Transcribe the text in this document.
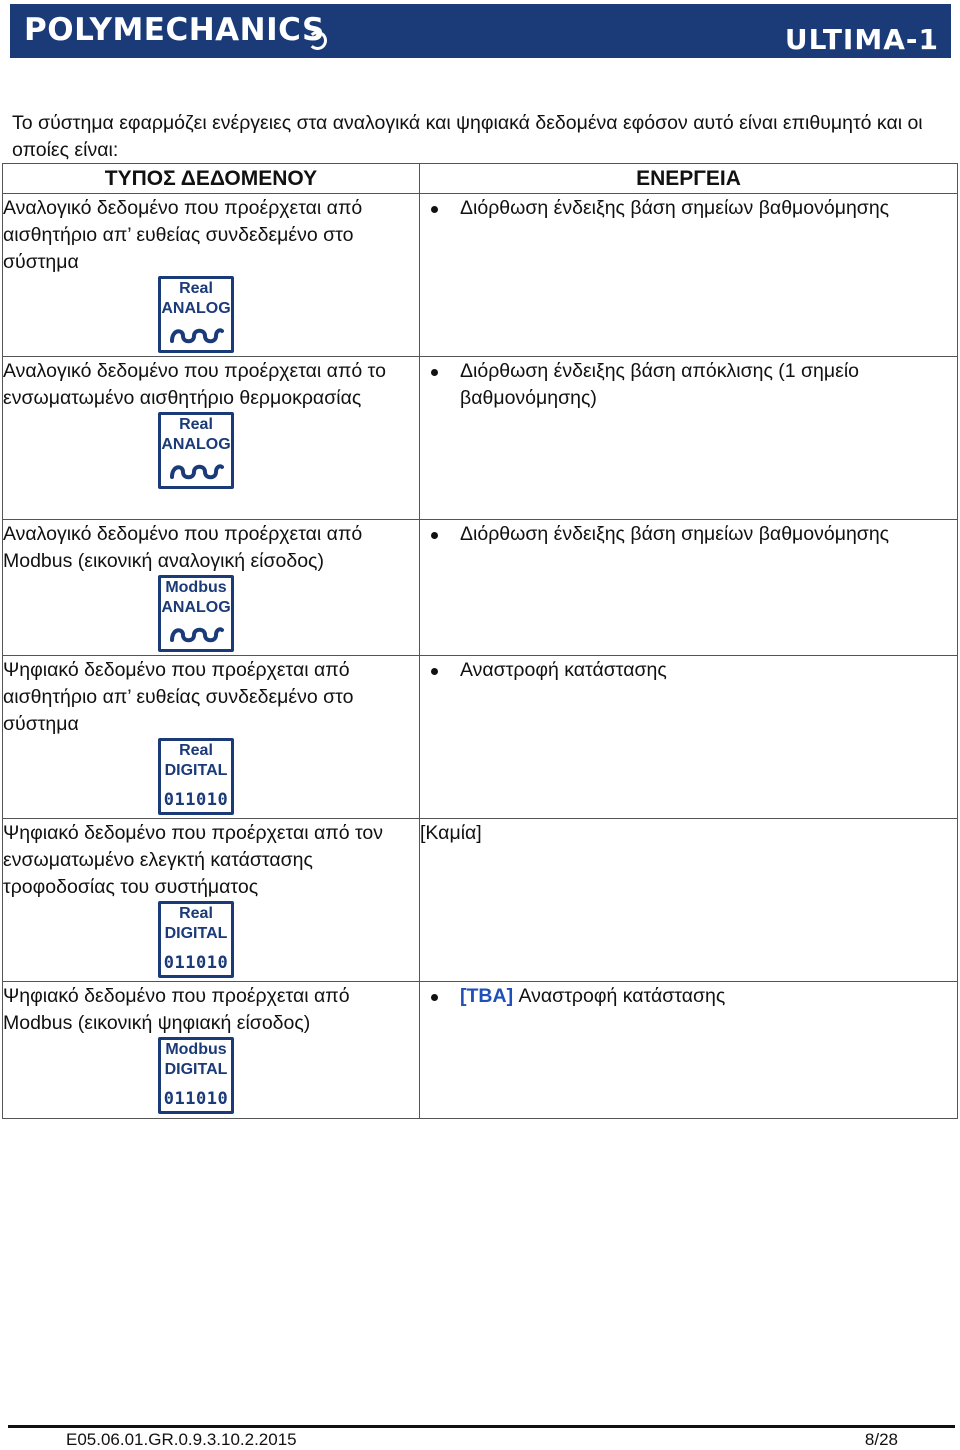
POLYMECHANICS	ULTIMA-1
Το σύστημα εφαρμόζει ενέργειες στα αναλογικά και ψηφιακά δεδομένα εφόσον αυτό είναι επιθυμητό και οι οποίες είναι:
ΤΥΠΟΣ ΔΕΔΟΜΕΝΟΥ	ΕΝΕΡΓΕΙΑ

Αναλογικό δεδομένο που προέρχεται από αισθητήριο απ’ ευθείας συνδεδεμένο στο σύστημα
Real
ANALOG	Διόρθωση ένδειξης βάση σημείων βαθμονόμησης

Αναλογικό δεδομένο που προέρχεται από το ενσωματωμένο αισθητήριο θερμοκρασίας
Real
ANALOG	Διόρθωση ένδειξης βάση απόκλισης (1 σημείο βαθμονόμησης)

Αναλογικό δεδομένο που προέρχεται από Modbus (εικονική αναλογική είσοδος)
Modbus
ANALOG	Διόρθωση ένδειξης βάση σημείων βαθμονόμησης

Ψηφιακό δεδομένο που προέρχεται από αισθητήριο απ’ ευθείας συνδεδεμένο στο σύστημα
Real
DIGITAL
011010	Αναστροφή κατάστασης

Ψηφιακό δεδομένο που προέρχεται από τον ενσωματωμένο ελεγκτή κατάστασης τροφοδοσίας του συστήματος
Real
DIGITAL
011010	[Καμία]

Ψηφιακό δεδομένο που προέρχεται από Modbus (εικονική ψηφιακή είσοδος)
Modbus
DIGITAL
011010	[TBA] Αναστροφή κατάστασης
E05.06.01.GR.0.9.3.10.2.2015	8/28
